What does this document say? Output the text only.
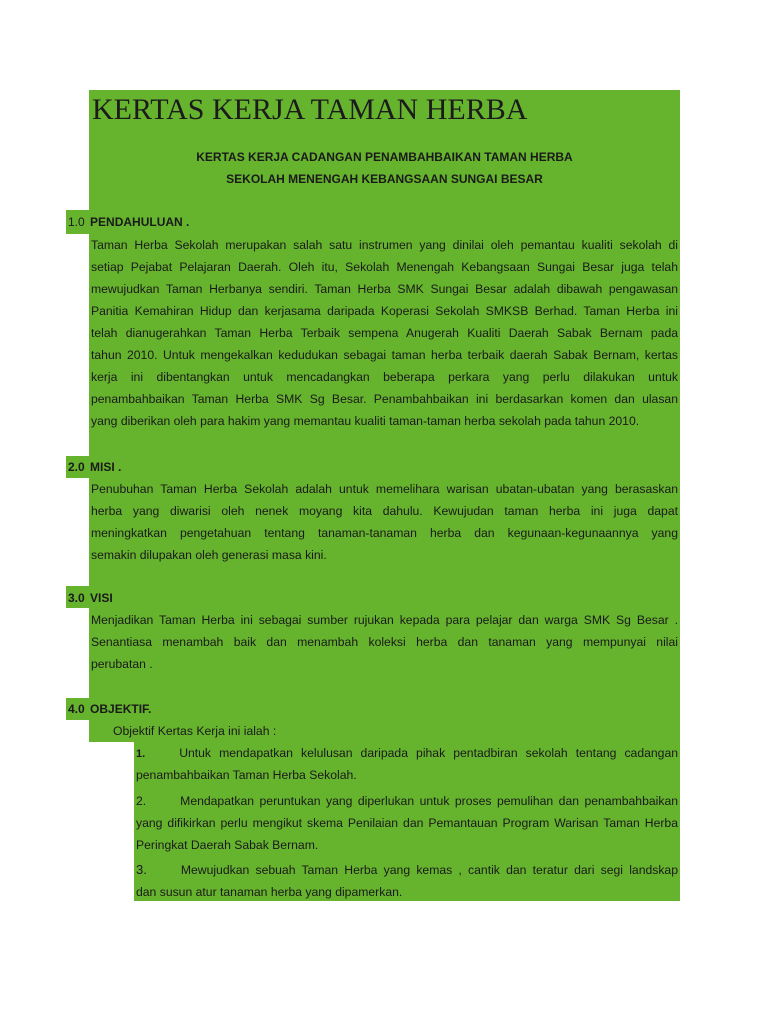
KERTAS KERJA TAMAN HERBA
KERTAS KERJA CADANGAN PENAMBAHBAIKAN TAMAN HERBA
SEKOLAH MENENGAH KEBANGSAAN SUNGAI BESAR
1.0 PENDAHULUAN .
Taman Herba Sekolah merupakan salah satu instrumen yang dinilai oleh pemantau kualiti sekolah di
setiap Pejabat Pelajaran Daerah. Oleh itu, Sekolah Menengah Kebangsaan Sungai Besar juga telah
mewujudkan Taman Herbanya sendiri. Taman Herba SMK Sungai Besar adalah dibawah pengawasan
Panitia Kemahiran Hidup dan kerjasama daripada Koperasi Sekolah SMKSB Berhad. Taman Herba ini
telah dianugerahkan Taman Herba Terbaik sempena Anugerah Kualiti Daerah Sabak Bernam pada
tahun 2010. Untuk mengekalkan kedudukan sebagai taman herba terbaik daerah Sabak Bernam, kertas
kerja ini dibentangkan untuk mencadangkan beberapa perkara yang perlu dilakukan untuk
penambahbaikan Taman Herba SMK Sg Besar. Penambahbaikan ini berdasarkan komen dan ulasan
yang diberikan oleh para hakim yang memantau kualiti taman-taman herba sekolah pada tahun 2010.
2.0 MISI .
Penubuhan Taman Herba Sekolah adalah untuk memelihara warisan ubatan-ubatan yang berasaskan
herba yang diwarisi oleh nenek moyang kita dahulu. Kewujudan taman herba ini juga dapat
meningkatkan pengetahuan tentang tanaman-tanaman herba dan kegunaan-kegunaannya yang
semakin dilupakan oleh generasi masa kini.
3.0 VISI
Menjadikan Taman Herba ini sebagai sumber rujukan kepada para pelajar dan warga SMK Sg Besar .
Senantiasa menambah baik dan menambah koleksi herba dan tanaman yang mempunyai nilai
perubatan .
4.0 OBJEKTIF.
Objektif Kertas Kerja ini ialah :
1.	Untuk mendapatkan kelulusan daripada pihak pentadbiran sekolah tentang cadangan
penambahbaikan Taman Herba Sekolah.
2.	Mendapatkan peruntukan yang diperlukan untuk proses pemulihan dan penambahbaikan
yang difikirkan perlu mengikut skema Penilaian dan Pemantauan Program Warisan Taman Herba
Peringkat Daerah Sabak Bernam.
3.	Mewujudkan sebuah Taman Herba yang kemas , cantik dan teratur dari segi landskap
dan susun atur tanaman herba yang dipamerkan.
